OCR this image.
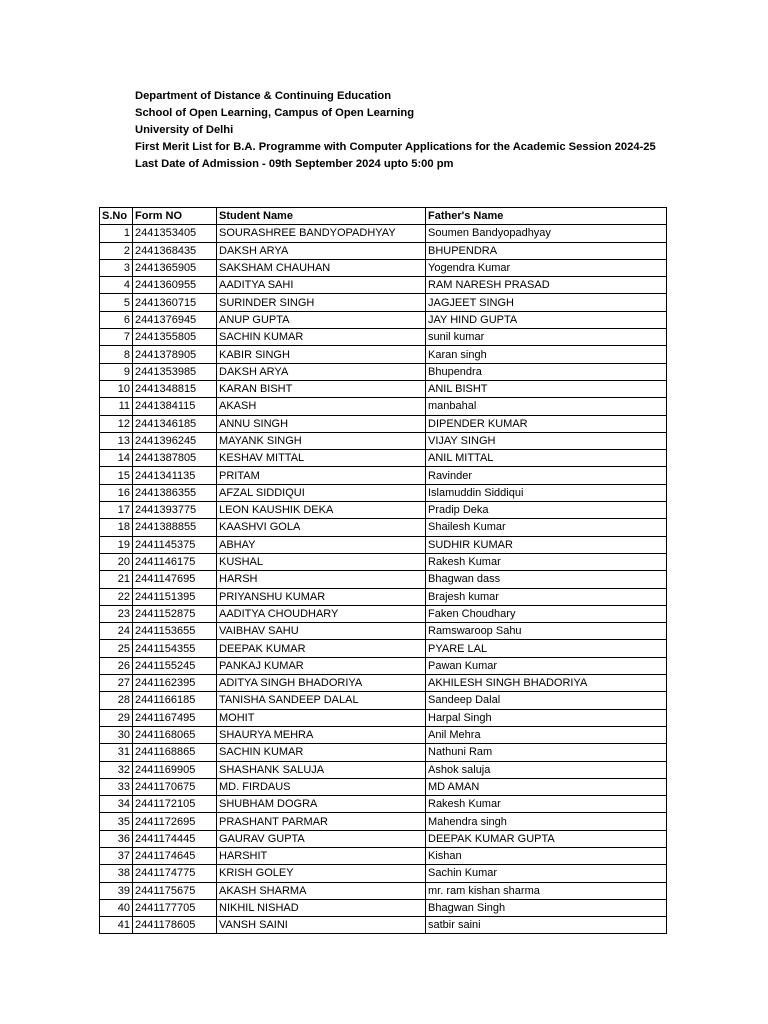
Department of Distance & Continuing Education
School of Open Learning, Campus of Open Learning
University of Delhi
First Merit List for B.A. Programme with Computer Applications for the Academic Session 2024-25
Last Date of Admission - 09th September 2024 upto 5:00 pm
S.No	Form NO	Student Name	Father's Name
1	2441353405	SOURASHREE BANDYOPADHYAY	Soumen Bandyopadhyay
2	2441368435	DAKSH ARYA	BHUPENDRA
3	2441365905	SAKSHAM CHAUHAN	Yogendra Kumar
4	2441360955	AADITYA SAHI	RAM NARESH PRASAD
5	2441360715	SURINDER SINGH	JAGJEET SINGH
6	2441376945	ANUP GUPTA	JAY HIND GUPTA
7	2441355805	SACHIN KUMAR	sunil kumar
8	2441378905	KABIR SINGH	Karan singh
9	2441353985	DAKSH ARYA	Bhupendra
10	2441348815	KARAN BISHT	ANIL BISHT
11	2441384115	AKASH	manbahal
12	2441346185	ANNU SINGH	DIPENDER KUMAR
13	2441396245	MAYANK SINGH	VIJAY SINGH
14	2441387805	KESHAV MITTAL	ANIL MITTAL
15	2441341135	PRITAM	Ravinder
16	2441386355	AFZAL SIDDIQUI	Islamuddin Siddiqui
17	2441393775	LEON KAUSHIK DEKA	Pradip Deka
18	2441388855	KAASHVI GOLA	Shailesh Kumar
19	2441145375	ABHAY	SUDHIR KUMAR
20	2441146175	KUSHAL	Rakesh Kumar
21	2441147695	HARSH	Bhagwan dass
22	2441151395	PRIYANSHU KUMAR	Brajesh kumar
23	2441152875	AADITYA CHOUDHARY	Faken Choudhary
24	2441153655	VAIBHAV SAHU	Ramswaroop Sahu
25	2441154355	DEEPAK KUMAR	PYARE LAL
26	2441155245	PANKAJ KUMAR	Pawan Kumar
27	2441162395	ADITYA SINGH BHADORIYA	AKHILESH SINGH BHADORIYA
28	2441166185	TANISHA SANDEEP DALAL	Sandeep Dalal
29	2441167495	MOHIT	Harpal Singh
30	2441168065	SHAURYA MEHRA	Anil Mehra
31	2441168865	SACHIN KUMAR	Nathuni Ram
32	2441169905	SHASHANK SALUJA	Ashok saluja
33	2441170675	MD. FIRDAUS	MD AMAN
34	2441172105	SHUBHAM DOGRA	Rakesh Kumar
35	2441172695	PRASHANT PARMAR	Mahendra singh
36	2441174445	GAURAV GUPTA	DEEPAK KUMAR GUPTA
37	2441174645	HARSHIT	Kishan
38	2441174775	KRISH GOLEY	Sachin Kumar
39	2441175675	AKASH SHARMA	mr. ram kishan sharma
40	2441177705	NIKHIL NISHAD	Bhagwan Singh
41	2441178605	VANSH SAINI	satbir saini
